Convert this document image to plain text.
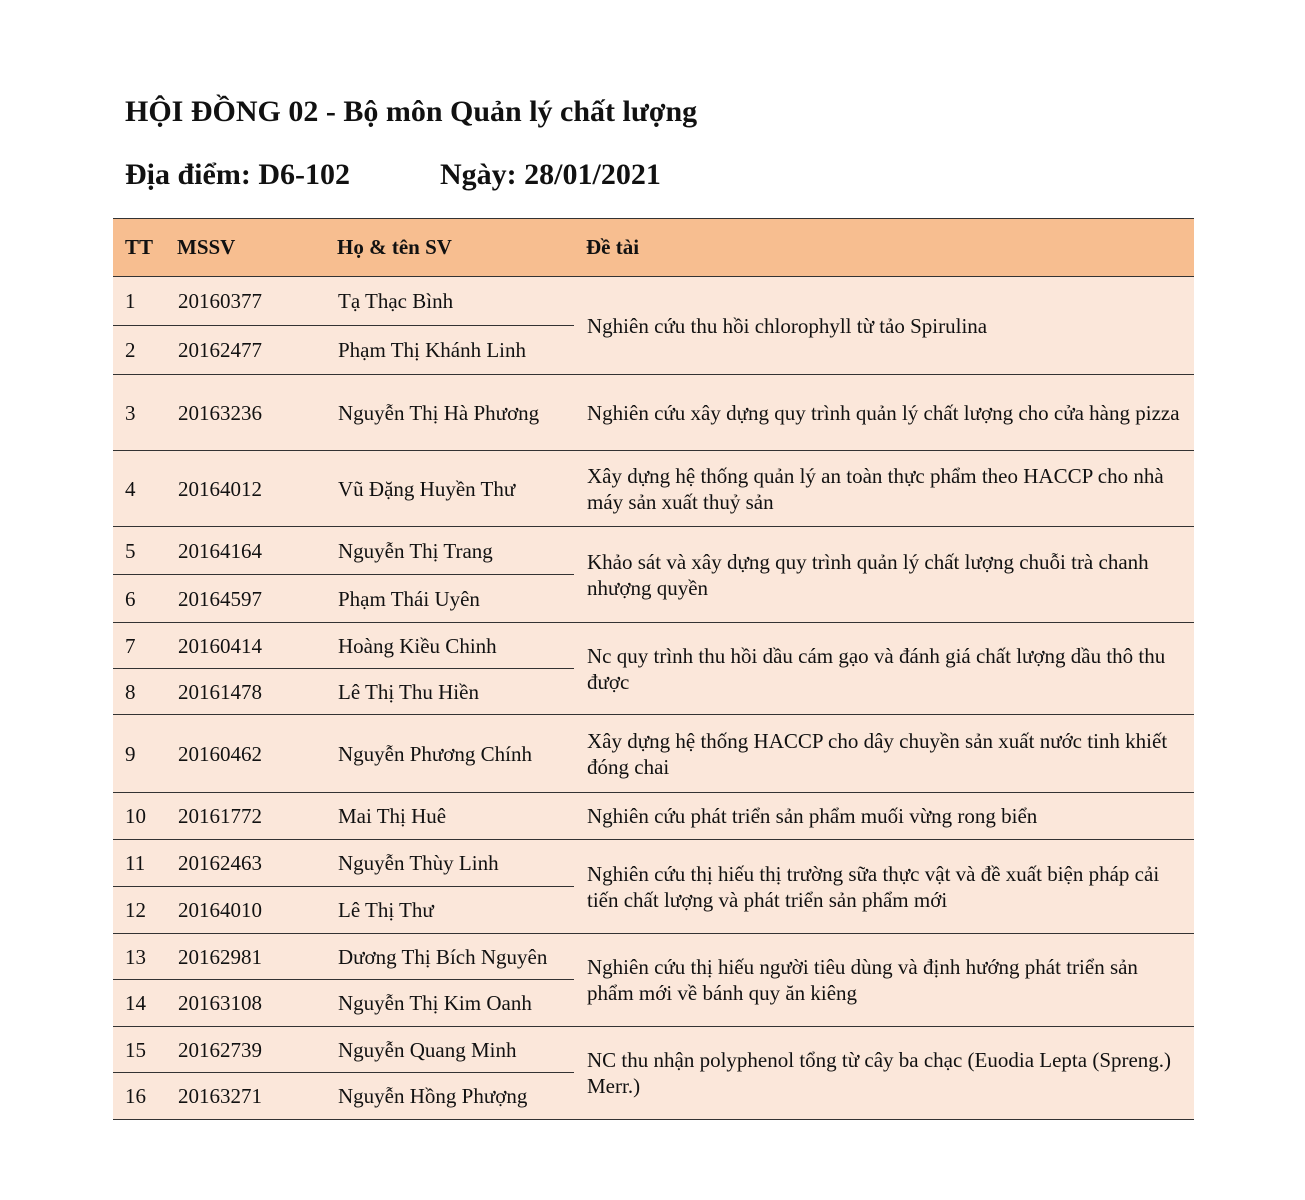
HỘI ĐỒNG 02 - Bộ môn Quản lý chất lượng
Địa điểm: D6-102	Ngày: 28/01/2021
TT	MSSV	Họ & tên SV	Đề tài
1	20160377	Tạ Thạc Bình	Nghiên cứu thu hồi chlorophyll từ tảo Spirulina
2	20162477	Phạm Thị Khánh Linh	
3	20163236	Nguyễn Thị Hà Phương	Nghiên cứu xây dựng quy trình quản lý chất lượng cho cửa hàng pizza
4	20164012	Vũ Đặng Huyền Thư	Xây dựng hệ thống quản lý an toàn thực phẩm theo HACCP cho nhà máy sản xuất thuỷ sản
5	20164164	Nguyễn Thị Trang	Khảo sát và xây dựng quy trình quản lý chất lượng chuỗi trà chanh nhượng quyền
6	20164597	Phạm Thái Uyên	
7	20160414	Hoàng Kiều Chinh	Nc quy trình thu hồi dầu cám gạo và đánh giá chất lượng dầu thô thu được
8	20161478	Lê Thị Thu Hiền	
9	20160462	Nguyễn Phương Chính	Xây dựng hệ thống HACCP cho dây chuyền sản xuất nước tinh khiết đóng chai
10	20161772	Mai Thị Huê	Nghiên cứu phát triển sản phẩm muối vừng rong biển
11	20162463	Nguyễn Thùy Linh	Nghiên cứu thị hiếu thị trường sữa thực vật và đề xuất biện pháp cải tiến chất lượng và phát triển sản phẩm mới
12	20164010	Lê Thị Thư	
13	20162981	Dương Thị Bích Nguyên	Nghiên cứu thị hiếu người tiêu dùng và định hướng phát triển sản phẩm mới về bánh quy ăn kiêng
14	20163108	Nguyễn Thị Kim Oanh	
15	20162739	Nguyễn Quang Minh	NC thu nhận polyphenol tổng từ cây ba chạc (Euodia Lepta (Spreng.) Merr.)
16	20163271	Nguyễn Hồng Phượng	
